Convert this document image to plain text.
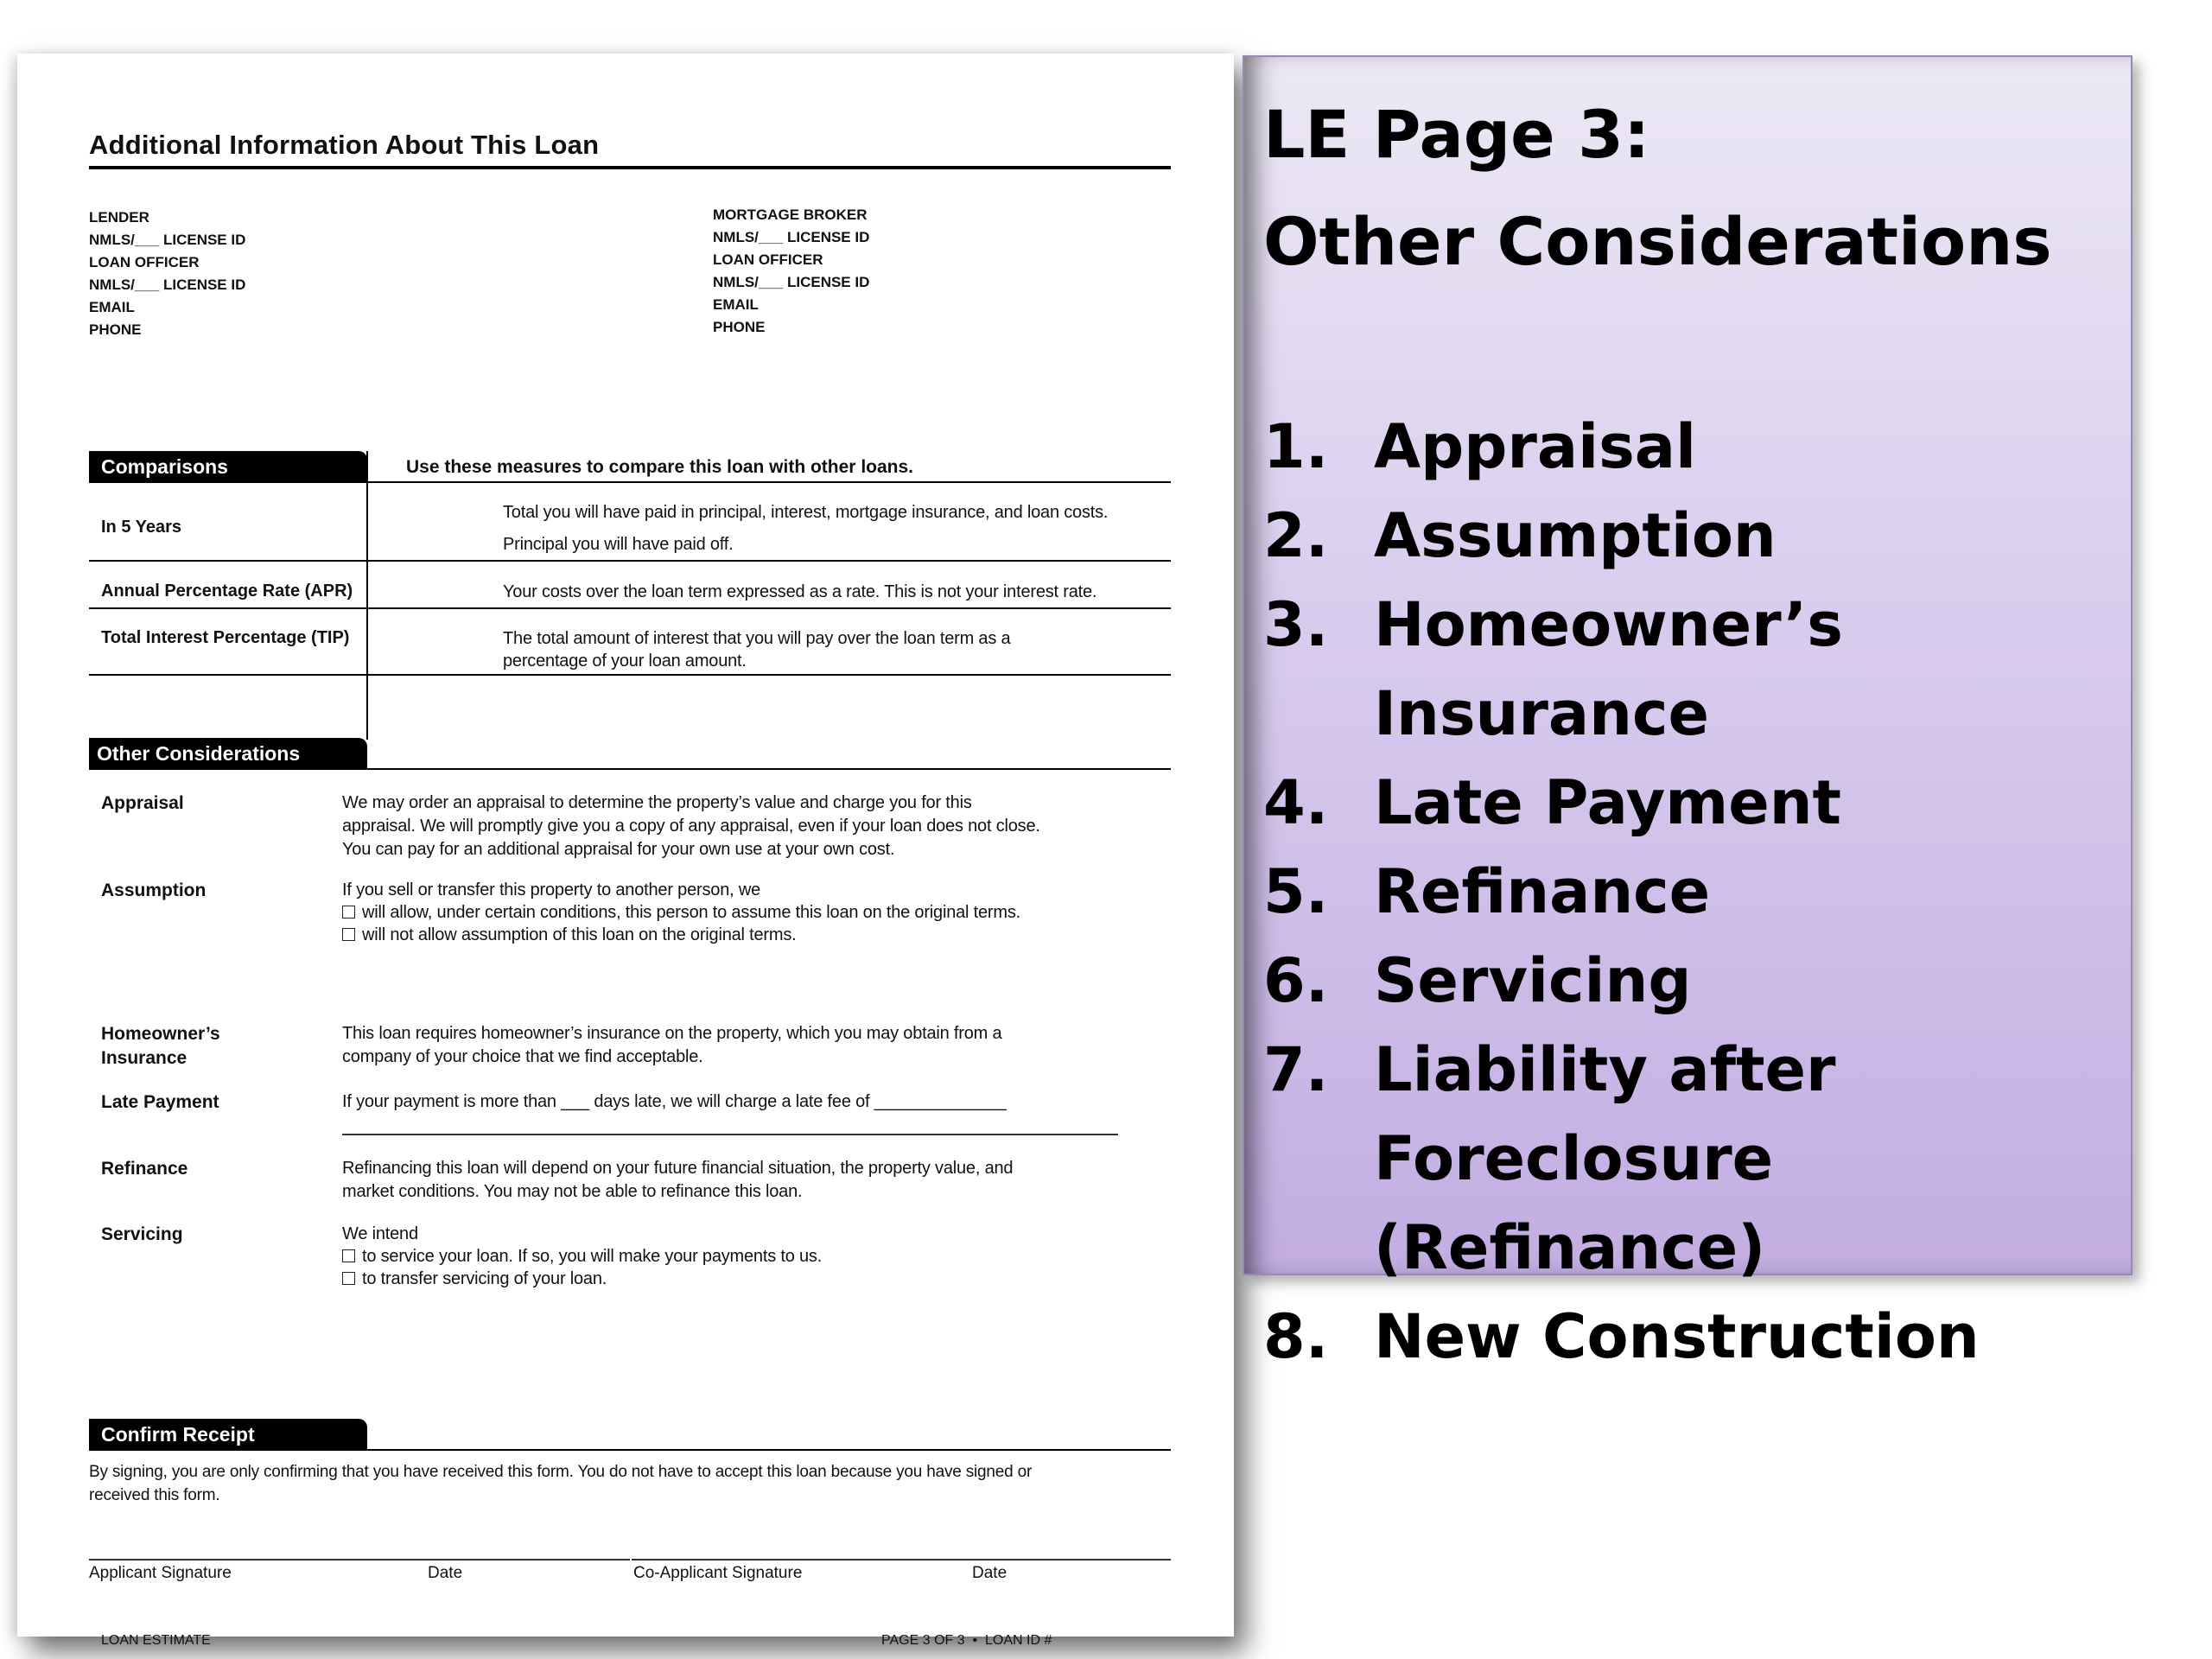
Additional Information About This Loan
LENDER
NMLS/___ LICENSE ID
LOAN OFFICER
NMLS/___ LICENSE ID
EMAIL
PHONE
MORTGAGE BROKER
NMLS/___ LICENSE ID
LOAN OFFICER
NMLS/___ LICENSE ID
EMAIL
PHONE
Comparisons	Use these measures to compare this loan with other loans.
In 5 Years
Total you will have paid in principal, interest, mortgage insurance, and loan costs.
Principal you will have paid off.
Annual Percentage Rate (APR)	Your costs over the loan term expressed as a rate. This is not your interest rate.
Total Interest Percentage (TIP)	The total amount of interest that you will pay over the loan term as a
percentage of your loan amount.
Other Considerations
Appraisal	We may order an appraisal to determine the property’s value and charge you for this
appraisal. We will promptly give you a copy of any appraisal, even if your loan does not close.
You can pay for an additional appraisal for your own use at your own cost.
Assumption	If you sell or transfer this property to another person, we
will allow, under certain conditions, this person to assume this loan on the original terms.
will not allow assumption of this loan on the original terms.
Homeowner’s
Insurance
This loan requires homeowner’s insurance on the property, which you may obtain from a
company of your choice that we find acceptable.
Late Payment	If your payment is more than ___ days late, we will charge a late fee of ______________
Refinance	Refinancing this loan will depend on your future financial situation, the property value, and
market conditions. You may not be able to refinance this loan.
Servicing	We intend
to service your loan. If so, you will make your payments to us.
to transfer servicing of your loan.
Confirm Receipt
By signing, you are only confirming that you have received this form. You do not have to accept this loan because you have signed or
received this form.
Applicant Signature	Date	Co-Applicant Signature	Date
LOAN ESTIMATE	PAGE 3 OF 3  •  LOAN ID #
LE Page 3:
Other Considerations
1. Appraisal
2. Assumption
3. Homeowner’s Insurance
4. Late Payment
5. Refinance
6. Servicing
7. Liability after Foreclosure (Refinance)
8. New Construction
